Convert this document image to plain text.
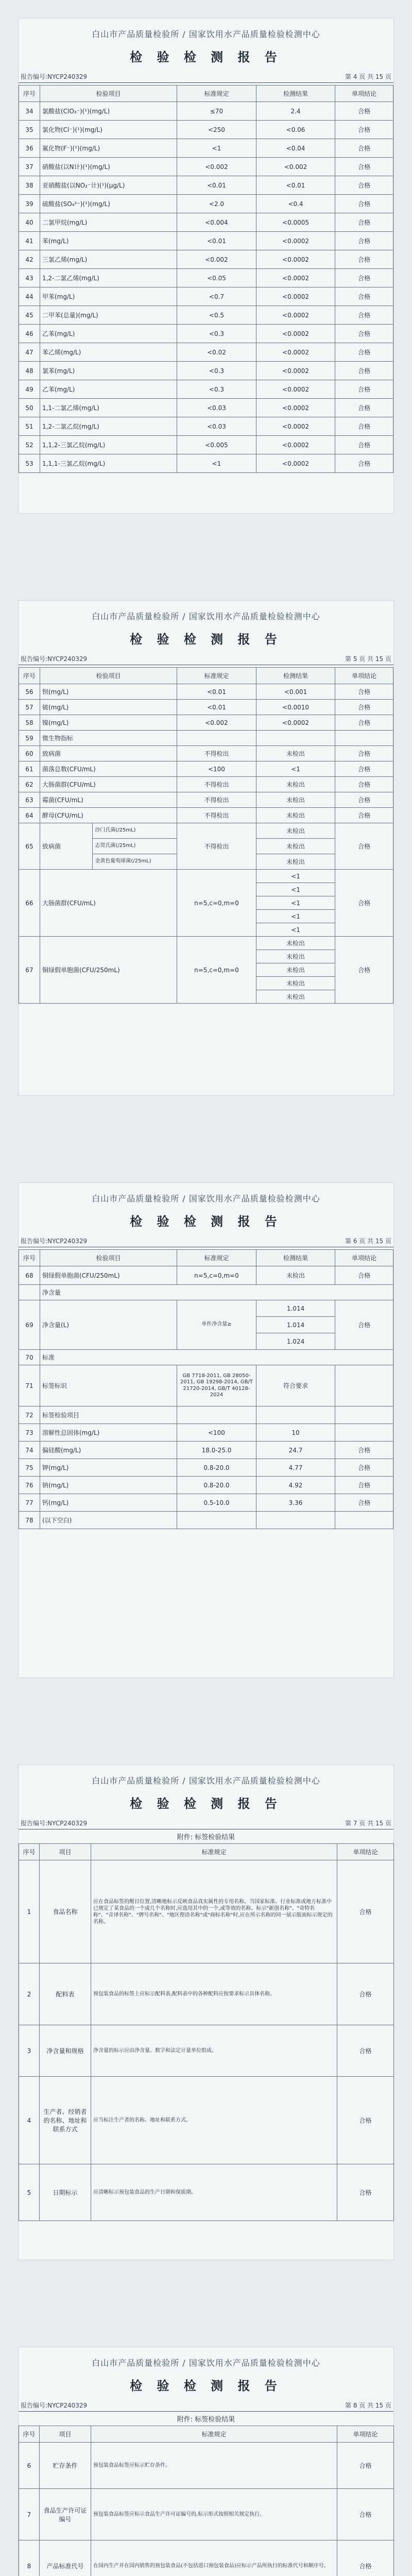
白山市产品质量检验所 / 国家饮用水产品质量检验检测中心
检 验 检 测 报 告
报告编号:NYCP240329	第 4 页 共 15 页
序号	检验项目	标准规定	检测结果	单项结论
34	氯酸盐(ClO₃⁻)(¹)(mg/L)	≤70	2.4	合格
35	氯化物(Cl⁻)(¹)(mg/L)	<250	<0.06	合格
36	氟化物(F⁻)(¹)(mg/L)	<1	<0.04	合格
37	硝酸盐(以N计)(¹)(mg/L)	<0.002	<0.002	合格
38	亚硝酸盐(以NO₂⁻计)(¹)(μg/L)	<0.01	<0.01	合格
39	硫酸盐(SO₄²⁻)(¹)(mg/L)	<2.0	<0.4	合格
40	二氯甲烷(mg/L)	<0.004	<0.0005	合格
41	苯(mg/L)	<0.01	<0.0002	合格
42	三氯乙烯(mg/L)	<0.002	<0.0002	合格
43	1,2-二氯乙烯(mg/L)	<0.05	<0.0002	合格
44	甲苯(mg/L)	<0.7	<0.0002	合格
45	二甲苯(总量)(mg/L)	<0.5	<0.0002	合格
46	乙苯(mg/L)	<0.3	<0.0002	合格
47	苯乙烯(mg/L)	<0.02	<0.0002	合格
48	氯苯(mg/L)	<0.3	<0.0002	合格
49	乙苯(mg/L)	<0.3	<0.0002	合格
50	1,1-二氯乙烯(mg/L)	<0.03	<0.0002	合格
51	1,2-二氯乙烷(mg/L)	<0.03	<0.0002	合格
52	1,1,2-三氯乙烷(mg/L)	<0.005	<0.0002	合格
53	1,1,1-三氯乙烷(mg/L)	<1	<0.0002	合格
白山市产品质量检验所 / 国家饮用水产品质量检验检测中心
检 验 检 测 报 告
报告编号:NYCP240329	第 5 页 共 15 页
序号	检验项目		标准规定	检测结果	单项结论
56	钡(mg/L)		<0.01	<0.001	合格
57	铍(mg/L)		<0.01	<0.0010	合格
58	镍(mg/L)		<0.002	<0.0002	合格
59	微生物指标				
60	致病菌		不得检出	未检出	合格
61	菌落总数(CFU/mL)		<100	<1	合格
62	大肠菌群(CFU/mL)		不得检出	未检出	合格
63	霉菌(CFU/mL)		不得检出	未检出	合格
64	酵母(CFU/mL)		不得检出	未检出	合格
65	致病菌	沙门氏菌(/25mL)	不得检出	未检出	合格
		志贺氏菌(/25mL)		未检出	
		金黄色葡萄球菌(/25mL)		未检出	
66	大肠菌群(CFU/mL)		n=5,c=0,m=0	<1	合格
				<1	
				<1	
				<1	
				<1	
67	铜绿假单胞菌(CFU/250mL)		n=5,c=0,m=0	未检出	合格
				未检出	
				未检出	
				未检出	
				未检出	
白山市产品质量检验所 / 国家饮用水产品质量检验检测中心
检 验 检 测 报 告
报告编号:NYCP240329	第 6 页 共 15 页
序号	检验项目	标准规定	检测结果	单项结论
68	铜绿假单胞菌(CFU/250mL)	n=5,c=0,m=0	未检出	合格
	净含量			
69	净含量(L)	单件净含量≥	1.014	合格
			1.014	
			1.024	
70	标准			
71	标签标识	GB 7718-2011, GB 28050-2011, GB 19298-2014, GB/T 21720-2014, GB/T 40128-2024	符合要求	
72	标签检验项目			
73	溶解性总固体(mg/L)	<100	10	
74	偏硅酸(mg/L)	18.0-25.0	24.7	合格
75	钾(mg/L)	0.8-20.0	4.77	合格
76	钠(mg/L)	0.8-20.0	4.92	合格
77	钙(mg/L)	0.5-10.0	3.36	合格
78	(以下空白)			
白山市产品质量检验所 / 国家饮用水产品质量检验检测中心
检 验 检 测 报 告
报告编号:NYCP240329	第 7 页 共 15 页
附件: 标签检验结果
序号	项目	标准规定	单项结论
1	食品名称	应在食品标签的醒目位置,清晰地标示反映食品真实属性的专用名称。当国家标准、行业标准或地方标准中已规定了某食品的一个或几个名称时,应选用其中的一个,或等效的名称。标示"新创名称"、"奇特名称"、"音译名称"、"牌号名称"、"地区俚语名称"或"商标名称"时,应在所示名称的同一展示版面标示规定的名称。	合格
2	配料表	预包装食品的标签上应标示配料表,配料表中的各种配料应按要求标示具体名称。	合格
3	净含量和规格	净含量的标示应由净含量、数字和法定计量单位组成。	合格
4	生产者、经销者的名称、地址和联系方式	应当标注生产者的名称、地址和联系方式。	合格
5	日期标示	应清晰标示预包装食品的生产日期和保质期。	合格
白山市产品质量检验所 / 国家饮用水产品质量检验检测中心
检 验 检 测 报 告
报告编号:NYCP240329	第 8 页 共 15 页
附件: 标签检验结果
序号	项目	标准规定	单项结论
6	贮存条件	预包装食品标签应标示贮存条件。	合格
7	食品生产许可证编号	预包装食品标签应标示食品生产许可证编号的,标示形式按照相关规定执行。	合格
8	产品标准代号	在国内生产并在国内销售的预包装食品(不包括进口预包装食品)应标示产品所执行的标准代号和顺序号。	合格
